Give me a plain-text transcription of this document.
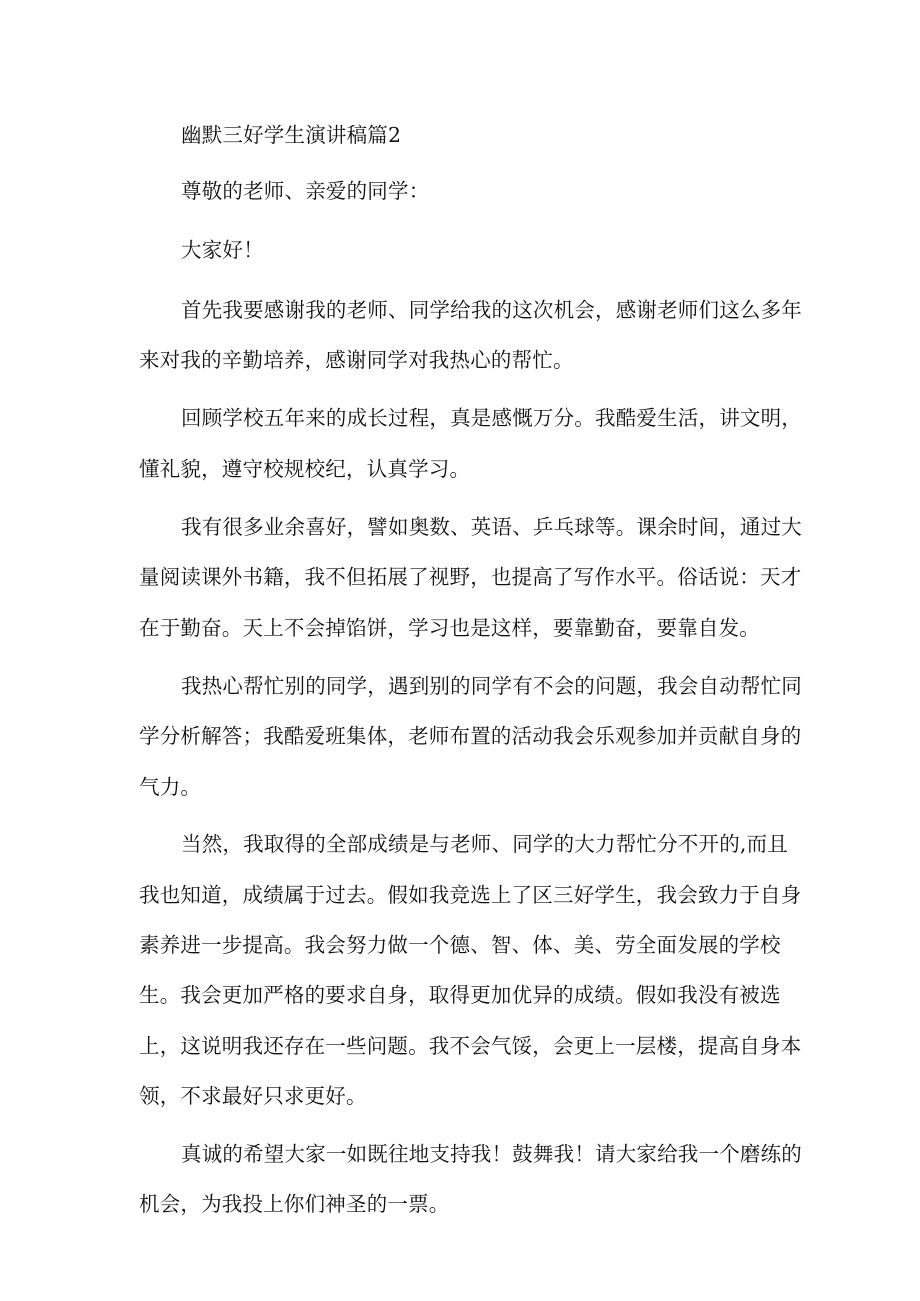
幽默三好学生演讲稿篇2

尊敬的老师、亲爱的同学：

大家好！

首先我要感谢我的老师、同学给我的这次机会，感谢老师们这么多年

来对我的辛勤培养，感谢同学对我热心的帮忙。

回顾学校五年来的成长过程，真是感慨万分。我酷爱生活，讲文明，

懂礼貌，遵守校规校纪，认真学习。

我有很多业余喜好，譬如奥数、英语、乒乓球等。课余时间，通过大

量阅读课外书籍，我不但拓展了视野，也提高了写作水平。俗话说：天才

在于勤奋。天上不会掉馅饼，学习也是这样，要靠勤奋，要靠自发。

我热心帮忙别的同学，遇到别的同学有不会的问题，我会自动帮忙同

学分析解答；我酷爱班集体，老师布置的活动我会乐观参加并贡献自身的

气力。

当然，我取得的全部成绩是与老师、同学的大力帮忙分不开的,而且

我也知道，成绩属于过去。假如我竞选上了区三好学生，我会致力于自身

素养进一步提高。我会努力做一个德、智、体、美、劳全面发展的学校

生。我会更加严格的要求自身，取得更加优异的成绩。假如我没有被选

上，这说明我还存在一些问题。我不会气馁，会更上一层楼，提高自身本

领，不求最好只求更好。

真诚的希望大家一如既往地支持我！鼓舞我！请大家给我一个磨练的

机会，为我投上你们神圣的一票。
